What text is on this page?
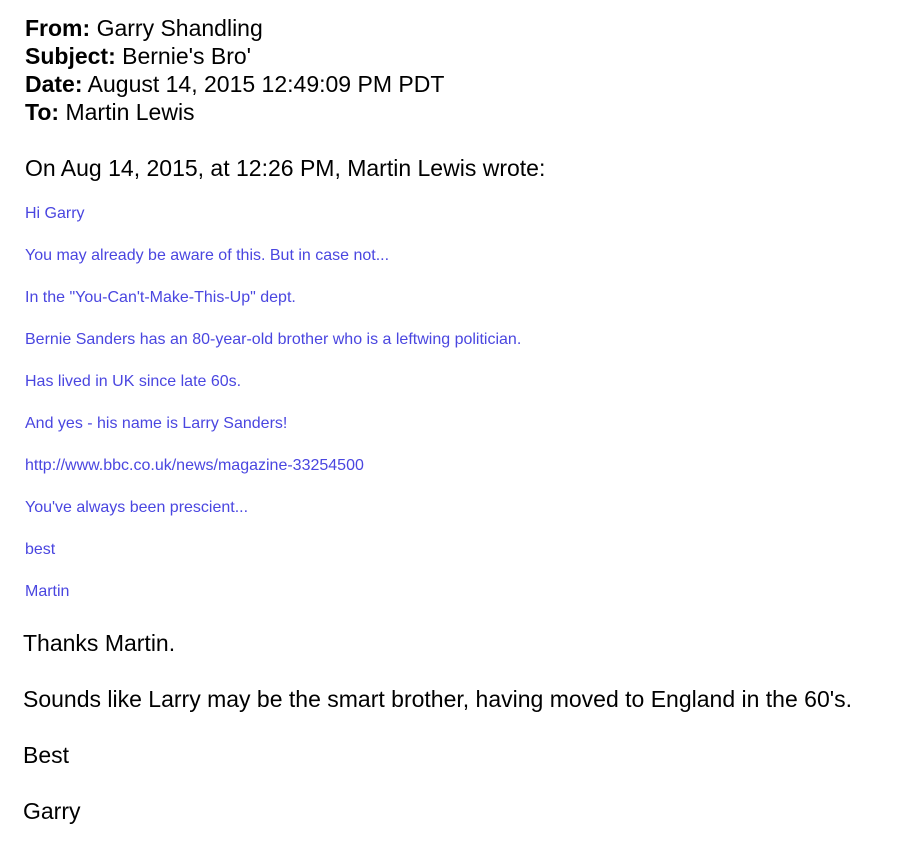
From: Garry Shandling
Subject: Bernie's Bro'
Date: August 14, 2015 12:49:09 PM PDT
To: Martin Lewis
On Aug 14, 2015, at 12:26 PM, Martin Lewis wrote:
Hi Garry
You may already be aware of this. But in case not...
In the "You-Can't-Make-This-Up" dept.
Bernie Sanders has an 80-year-old brother who is a leftwing politician.
Has lived in UK since late 60s.
And yes - his name is Larry Sanders!
http://www.bbc.co.uk/news/magazine-33254500
You've always been prescient...
best
Martin
Thanks Martin.
Sounds like Larry may be the smart brother, having moved to England in the 60's.
Best
Garry
